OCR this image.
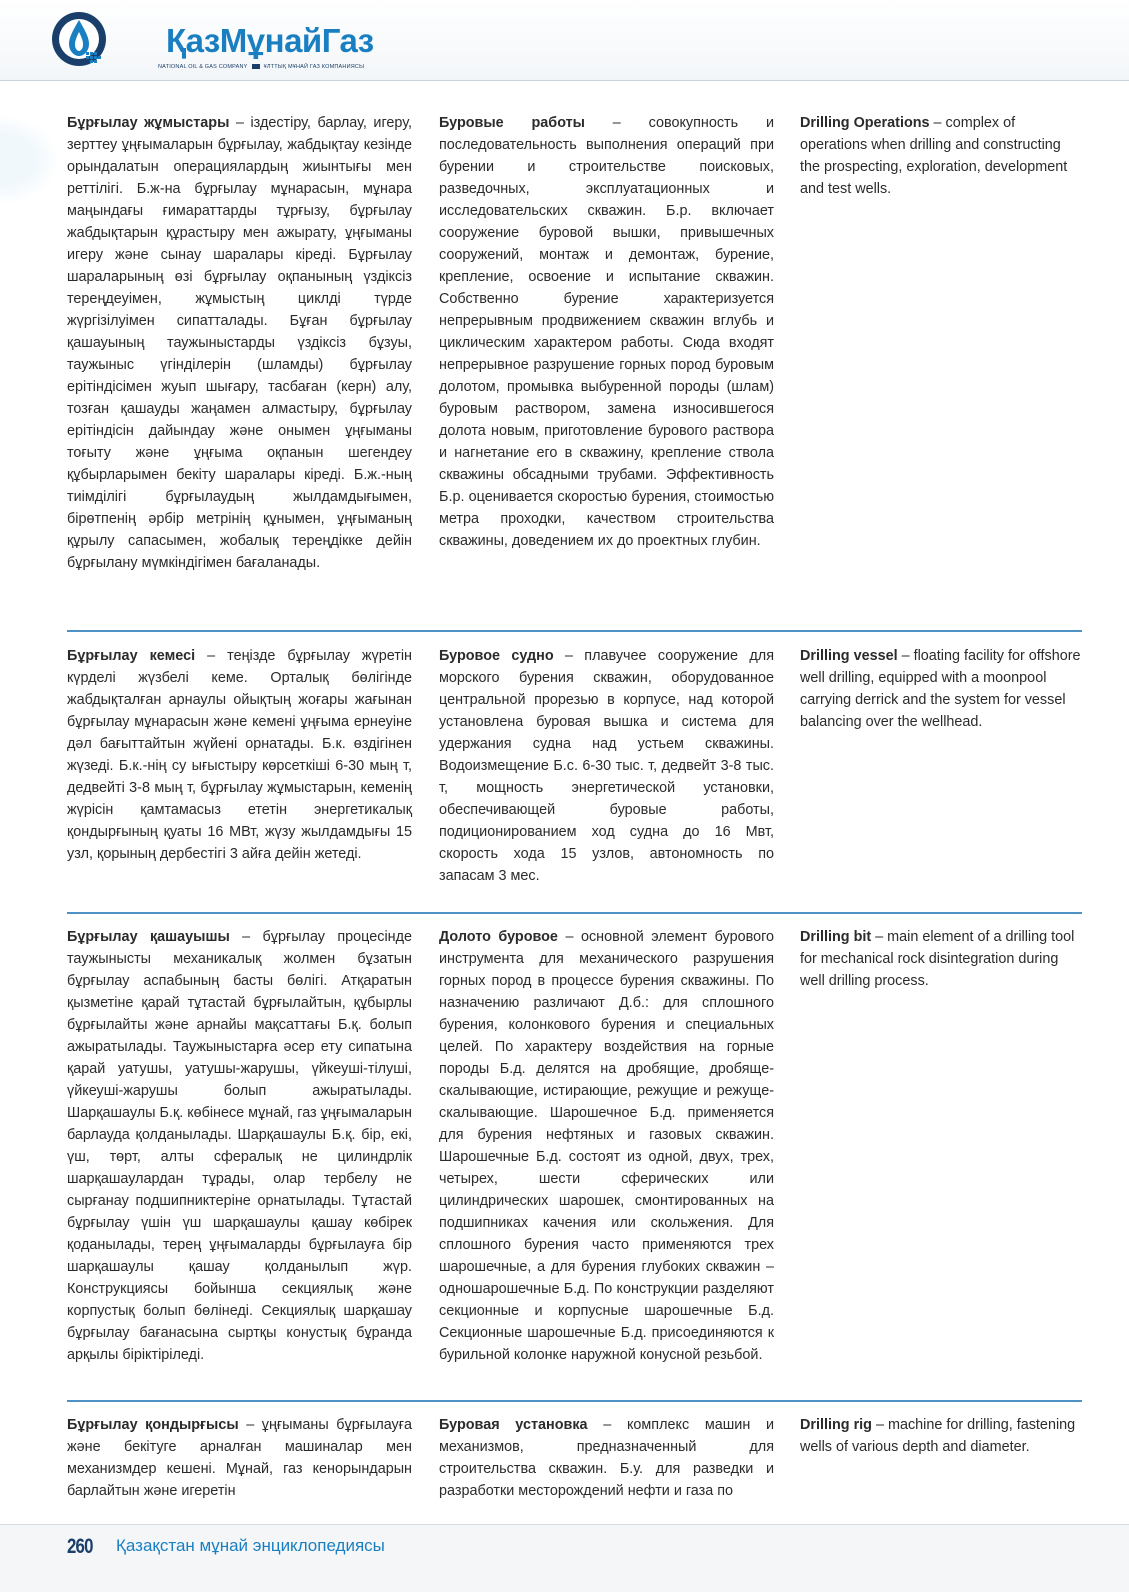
ҚазМұнайГаз
NATIONAL OIL & GAS COMPANY	ҰЛТТЫҚ МҰНАЙ ГАЗ КОМПАНИЯСЫ
Бұрғылау жұмыстары – іздестіру, барлау, игеру, зерттеу ұңғымаларын бұрғылау, жабдықтау кезінде орындалатын операциялардың жиынтығы мен реттілігі. Б.ж-на бұрғылау мұнарасын, мұнара маңындағы ғимараттарды тұрғызу, бұрғылау жабдықтарын құрастыру мен ажырату, ұңғыманы игеру және сынау шаралары кіреді. Бұрғылау шараларының өзі бұрғылау оқпанының үздіксіз тереңдеуімен, жұмыстың циклді түрде жүргізілуімен сипатталады. Бұған бұрғылау қашауының таужыныстарды үздіксіз бұзуы, таужыныс үгінділерін (шламды) бұрғылау ерітіндісімен жуып шығару, тасбаған (керн) алу, тозған қашауды жаңамен алмастыру, бұрғылау ерітіндісін дайындау және онымен ұңғыманы тоғыту және ұңғыма оқпанын шегендеу құбырларымен бекіту шаралары кіреді. Б.ж.-ның тиімділігі бұрғылаудың жылдамдығымен, бірөтпенің әрбір метрінің құнымен, ұңғыманың құрылу сапасымен, жобалық тереңдікке дейін бұрғылану мүмкіндігімен бағаланады.
Буровые работы – совокупность и последовательность выполнения операций при бурении и строительстве поисковых, разведочных, эксплуатационных и исследовательских скважин. Б.р. включает сооружение буровой вышки, привышечных сооружений, монтаж и демонтаж, бурение, крепление, освоение и испытание скважин. Собственно бурение характеризуется непрерывным продвижением скважин вглубь и циклическим характером работы. Сюда входят непрерывное разрушение горных пород буровым долотом, промывка выбуренной породы (шлам) буровым раствором, замена износившегося долота новым, приготовление бурового раствора и нагнетание его в скважину, крепление ствола скважины обсадными трубами. Эффективность Б.р. оценивается скоростью бурения, стоимостью метра проходки, качеством строительства скважины, доведением их до проектных глубин.
Drilling Operations – complex of operations when drilling and constructing the prospecting, exploration, development and test wells.
Бұрғылау кемесі – теңізде бұрғылау жүретін күрделі жүзбелі кеме. Орталық бөлігінде жабдықталған арнаулы ойықтың жоғары жағынан бұрғылау мұнарасын және кемені ұңғыма ернеуіне дәл бағыттайтын жүйені орнатады. Б.к. өздігінен жүзеді. Б.к.-нің су ығыстыру көрсеткіші 6-30 мың т, дедвейті 3-8 мың т, бұрғылау жұмыстарын, кеменің жүрісін қамтамасыз ететін энергетикалық қондырғының қуаты 16 МВт, жүзу жылдамдығы 15 узл, қорының дербестігі 3 айға дейін жетеді.
Буровое судно – плавучее сооружение для морского бурения скважин, оборудованное центральной прорезью в корпусе, над которой установлена буровая вышка и система для удержания судна над устьем скважины. Водоизмещение Б.с. 6-30 тыс. т, дедвейт 3-8 тыс. т, мощность энергетической установки, обеспечивающей буровые работы, подиционированием ход судна до 16 Мвт, скорость хода 15 узлов, автономность по запасам 3 мес.
Drilling vessel – floating facility for offshore well drilling, equipped with a moonpool carrying derrick and the system for vessel balancing over the wellhead.
Бұрғылау қашауышы – бұрғылау процесінде таужынысты механикалық жолмен бұзатын бұрғылау аспабының басты бөлігі. Атқаратын қызметіне қарай тұтастай бұрғылайтын, құбырлы бұрғылайты және арнайы мақсаттағы Б.қ. болып ажыратылады. Таужыныстарға әсер ету сипатына қарай уатушы, уатушы-жарушы, үйкеуші-тілуші, үйкеуші-жарушы болып ажыратылады. Шарқашаулы Б.қ. көбінесе мұнай, газ ұңғымаларын барлауда қолданылады. Шарқашаулы Б.қ. бір, екі, үш, төрт, алты сфералық не цилиндрлік шарқашаулардан тұрады, олар тербелу не сырғанау подшипниктеріне орнатылады. Тұтастай бұрғылау үшін үш шарқашаулы қашау көбірек қоданылады, терең ұңғымаларды бұрғылауға бір шарқашаулы қашау қолданылып жүр. Конструкциясы бойынша секциялық және корпустық болып бөлінеді. Секциялық шарқашау бұрғылау бағанасына сыртқы конустық бұранда арқылы біріктіріледі.
Долото буровое – основной элемент бурового инструмента для механического разрушения горных пород в процессе бурения скважины. По назначению различают Д.б.: для сплошного бурения, колонкового бурения и специальных целей. По характеру воздействия на горные породы Б.д. делятся на дробящие, дробяще-скалывающие, истирающие, режущие и режуще-скалывающие. Шарошечное Б.д. применяется для бурения нефтяных и газовых скважин. Шарошечные Б.д. состоят из одной, двух, трех, четырех, шести сферических или цилиндрических шарошек, смонтированных на подшипниках качения или скольжения. Для сплошного бурения часто применяются трех шарошечные, а для бурения глубоких скважин – одношарошечные Б.д. По конструкции разделяют секционные и корпусные шарошечные Б.д. Секционные шарошечные Б.д. присоединяются к бурильной колонке наружной конусной резьбой.
Drilling bit – main element of a drilling tool for mechanical rock disintegration during well drilling process.
Бұрғылау қондырғысы – ұңғыманы бұрғылауға және бекітуге арналған машиналар мен механизмдер кешені. Мұнай, газ кенорындарын барлайтын және игеретін
Буровая установка – комплекс машин и механизмов, предназначенный для строительства скважин. Б.у. для разведки и разработки месторождений нефти и газа по
Drilling rig – machine for drilling, fastening wells of various depth and diameter.
260 Қазақстан мұнай энциклопедиясы
